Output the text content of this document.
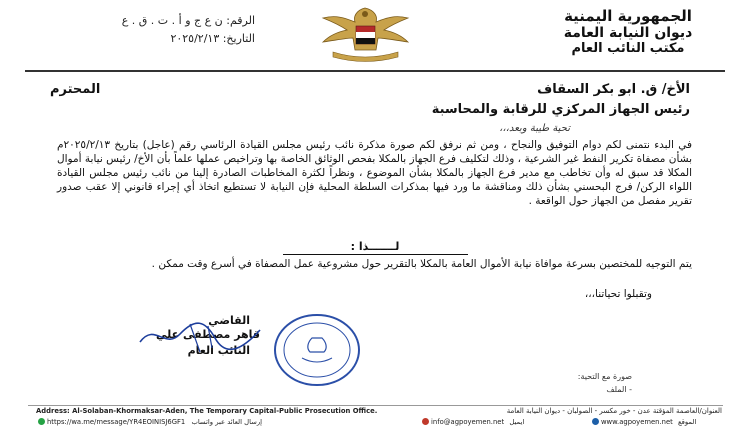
الجمهورية اليمنية
ديوان النيابة العامة
مكتب النائب العام
الرقم: ن ع ج و أ . ت . ق . ع
التاريخ: ٢٠٢٥/٢/١٣
الأخ/ ق. ابو بكر السقاف
المحترم
رئيس الجهاز المركزي للرقابة والمحاسبة
تحية طيبة وبعد،،،
في البدء نتمنى لكم دوام التوفيق والنجاح ، ومن ثم نرفق لكم صورة مذكرة نائب رئيس مجلس القيادة الرئاسي رقم (عاجل) بتاريخ ٢٠٢٥/٢/١٣م بشأن مصفاة تكرير النفط غير الشرعية ، وذلك لتكليف فرع الجهاز بالمكلا بفحص الوثائق الخاصة بها وتراخيص عملها علماً بأن الأخ/ رئيس نيابة أموال المكلا قد سبق له وأن تخاطب مع مدير فرع الجهاز بالمكلا بشأن الموضوع ، ونظراً لكثرة المخاطبات الصادرة إلينا من نائب رئيس مجلس القيادة اللواء الركن/ فرج البحسني بشأن ذلك ومناقشة ما ورد فيها بمذكرات السلطة المحلية فإن النيابة لا تستطيع اتخاذ أي إجراء قانوني إلا عقب صدور تقرير مفصل من الجهاز حول الواقعة .
لـــــــذا :
يتم التوجيه للمختصين بسرعة موافاة نيابة الأموال العامة بالمكلا بالتقرير حول مشروعية عمل المصفاة في أسرع وقت ممكن .
وتقبلوا تحياتنا،،،
القاضي
قاهر مصطفى علي
النائب العام
صورة مع التحية:
- الملف
Address: Al-Solaban-Khormaksar-Aden, The Temporary Capital-Public Prosecution Office.	العنوان/العاصمة المؤقتة عدن - خور مكسر - الصولبان - ديوان النيابة العامة
https://wa.me/message/YR4EOINISJ6GF1 إرسال العائد عبر واتساب	info@agpoyemen.net ايميل	www.agpoyemen.net الموقع
